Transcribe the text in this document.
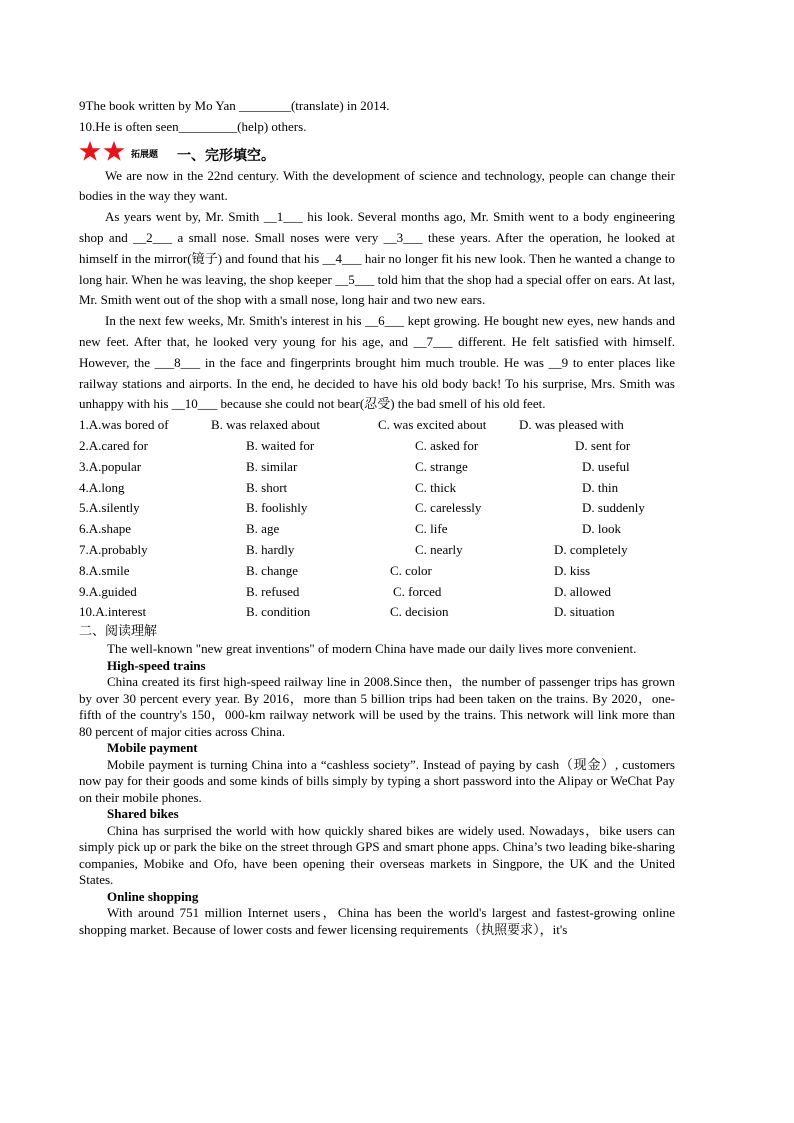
9The book written by Mo Yan ________(translate) in 2014.
10.He is often seen_________(help) others.
拓展题 一、完形填空。

We are now in the 22nd century. With the development of science and technology, people can change their bodies in the way they want.

As years went by, Mr. Smith __1___ his look. Several months ago, Mr. Smith went to a body engineering shop and __2___ a small nose. Small noses were very __3___ these years. After the operation, he looked at himself in the mirror(镜子) and found that his __4___ hair no longer fit his new look. Then he wanted a change to long hair. When he was leaving, the shop keeper __5___ told him that the shop had a special offer on ears. At last, Mr. Smith went out of the shop with a small nose, long hair and two new ears.

In the next few weeks, Mr. Smith's interest in his __6___ kept growing. He bought new eyes, new hands and new feet. After that, he looked very young for his age, and __7___ different. He felt satisfied with himself. However, the ___8___ in the face and fingerprints brought him much trouble. He was __9 to enter places like railway stations and airports. In the end, he decided to have his old body back! To his surprise, Mrs. Smith was unhappy with his __10___ because she could not bear(忍受) the bad smell of his old feet.

1.A.was bored of	B. was relaxed about	C. was excited about	D. was pleased with
2.A.cared for	B. waited for	C. asked for	D. sent for
3.A.popular	B. similar	C. strange	D. useful
4.A.long	B. short	C. thick	D. thin
5.A.silently	B. foolishly	C. carelessly	D. suddenly
6.A.shape	B. age	C. life	D. look
7.A.probably	B. hardly	C. nearly	D. completely
8.A.smile	B. change	C. color	D. kiss
9.A.guided	B. refused	C. forced	D. allowed
10.A.interest	B. condition	C. decision	D. situation
二、阅读理解

The well-known "new great inventions" of modern China have made our daily lives more convenient.

High-speed trains

China created its first high-speed railway line in 2008.Since then，the number of passenger trips has grown by over 30 percent every year. By 2016，more than 5 billion trips had been taken on the trains. By 2020，one-fifth of the country's 150，000-km railway network will be used by the trains. This network will link more than 80 percent of major cities across China.

Mobile payment

Mobile payment is turning China into a “cashless society”. Instead of paying by cash（现金）, customers now pay for their goods and some kinds of bills simply by typing a short password into the Alipay or WeChat Pay on their mobile phones.

Shared bikes

China has surprised the world with how quickly shared bikes are widely used. Nowadays，bike users can simply pick up or park the bike on the street through GPS and smart phone apps. China’s two leading bike-sharing companies, Mobike and Ofo, have been opening their overseas markets in Singpore, the UK and the United States.

Online shopping

With around 751 million Internet users，China has been the world's largest and fastest-growing online shopping market. Because of lower costs and fewer licensing requirements（执照要求），it's
